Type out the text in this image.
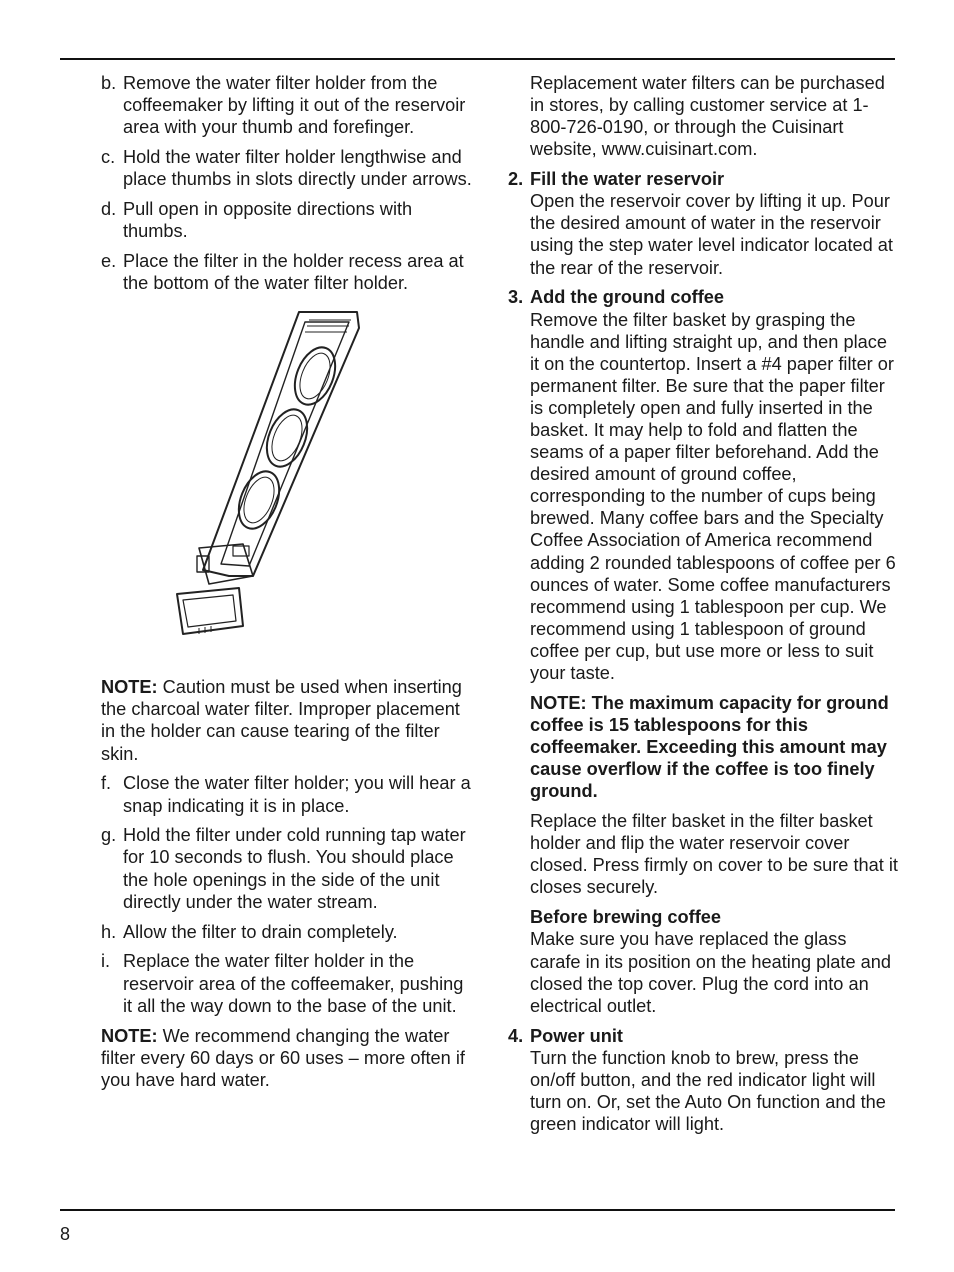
b. Remove the water filter holder from the coffeemaker by lifting it out of the reservoir area with your thumb and forefinger.
c. Hold the water filter holder lengthwise and place thumbs in slots directly under arrows.
d. Pull open in opposite directions with thumbs.
e. Place the filter in the holder recess area at the bottom of the water filter holder.
NOTE: Caution must be used when inserting the charcoal water filter. Improper placement in the holder can cause tearing of the filter skin.
f. Close the water filter holder; you will hear a snap indicating it is in place.
g. Hold the filter under cold running tap water for 10 seconds to flush. You should place the hole openings in the side of the unit directly under the water stream.
h. Allow the filter to drain completely.
i. Replace the water filter holder in the reservoir area of the coffeemaker, pushing it all the way down to the base of the unit.
NOTE: We recommend changing the water filter every 60 days or 60 uses – more often if you have hard water.
Replacement water filters can be purchased in stores, by calling customer service at 1-800-726-0190, or through the Cuisinart website, www.cuisinart.com.
2. Fill the water reservoir
Open the reservoir cover by lifting it up. Pour the desired amount of water in the reservoir using the step water level indicator located at the rear of the reservoir.
3. Add the ground coffee
Remove the filter basket by grasping the handle and lifting straight up, and then place it on the countertop. Insert a #4 paper filter or permanent filter. Be sure that the paper filter is completely open and fully inserted in the basket. It may help to fold and flatten the seams of a paper filter beforehand. Add the desired amount of ground coffee, corresponding to the number of cups being brewed. Many coffee bars and the Specialty Coffee Association of America recommend adding 2 rounded tablespoons of coffee per 6 ounces of water. Some coffee manufacturers recommend using 1 tablespoon per cup. We recommend using 1 tablespoon of ground coffee per cup, but use more or less to suit your taste.
NOTE: The maximum capacity for ground coffee is 15 tablespoons for this coffeemaker. Exceeding this amount may cause overflow if the coffee is too finely ground.
Replace the filter basket in the filter basket holder and flip the water reservoir cover closed. Press firmly on cover to be sure that it closes securely.
Before brewing coffee
Make sure you have replaced the glass carafe in its position on the heating plate and closed the top cover. Plug the cord into an electrical outlet.
4. Power unit
Turn the function knob to brew, press the on/off button, and the red indicator light will turn on. Or, set the Auto On function and the green indicator will light.
8
